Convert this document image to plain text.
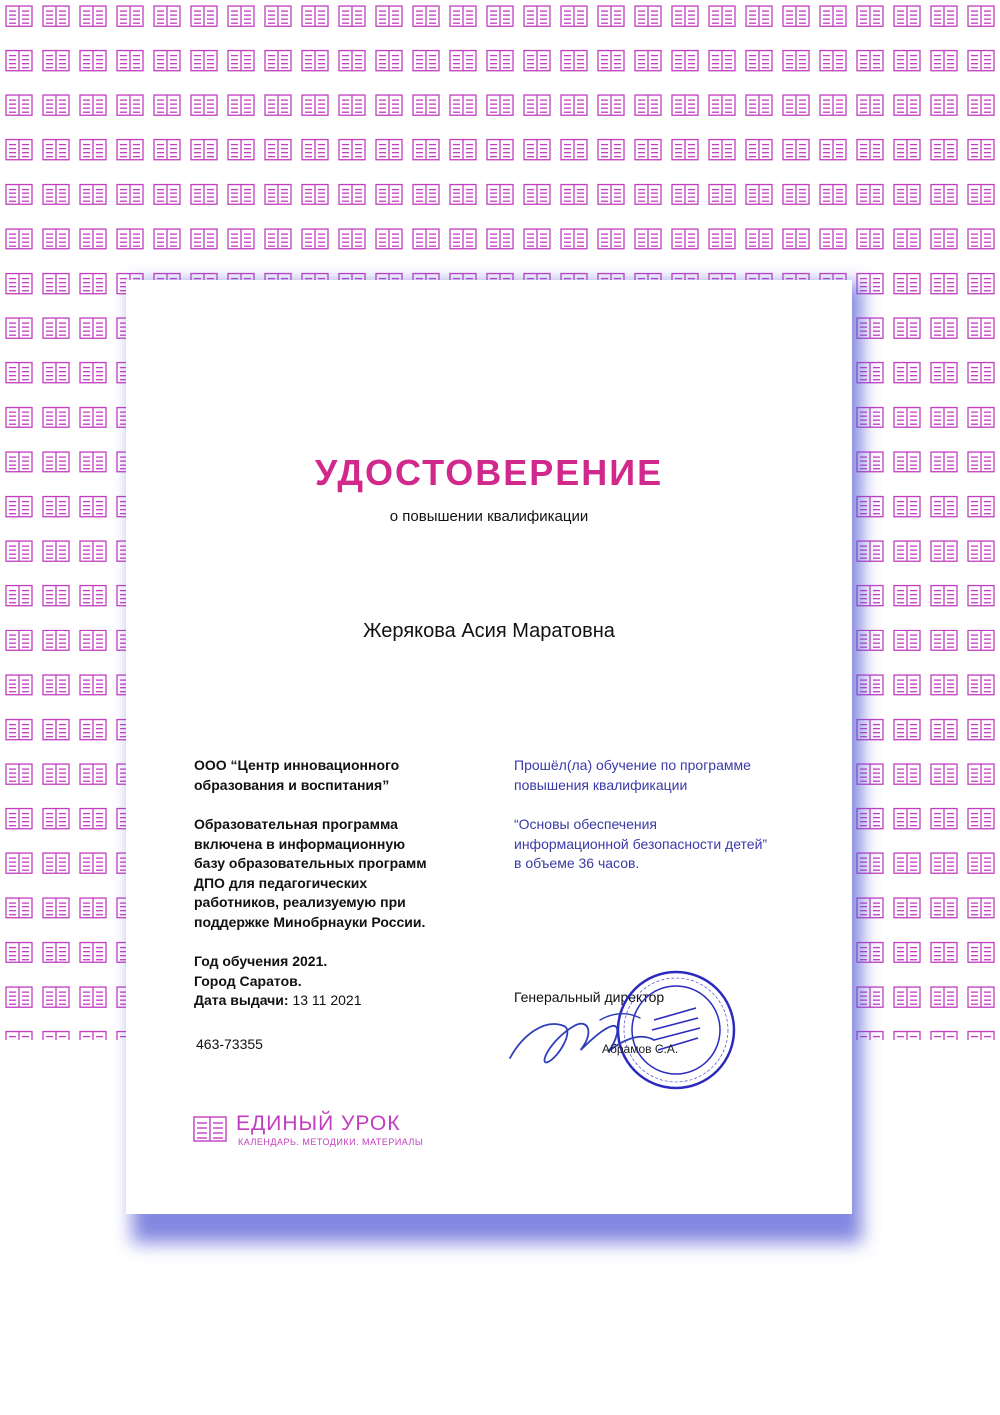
УДОСТОВЕРЕНИЕ
о повышении квалификации
Жерякова Асия Маратовна
ООО “Центр инновационного
образования и воспитания”
Образовательная программа
включена в информационную
базу образовательных программ
ДПО для педагогических
работников, реализуемую при
поддержке Минобрнауки России.
Год обучения 2021.
Город Саратов.
Дата выдачи: 13 11 2021
463-73355
Прошёл(ла) обучение по программе
повышения квалификации
“Основы обеспечения
информационной безопасности детей”
в объеме 36 часов.
Генеральный директор
Абрамов С.А.
ЕДИНЫЙ УРОК
КАЛЕНДАРЬ. МЕТОДИКИ. МАТЕРИАЛЫ
